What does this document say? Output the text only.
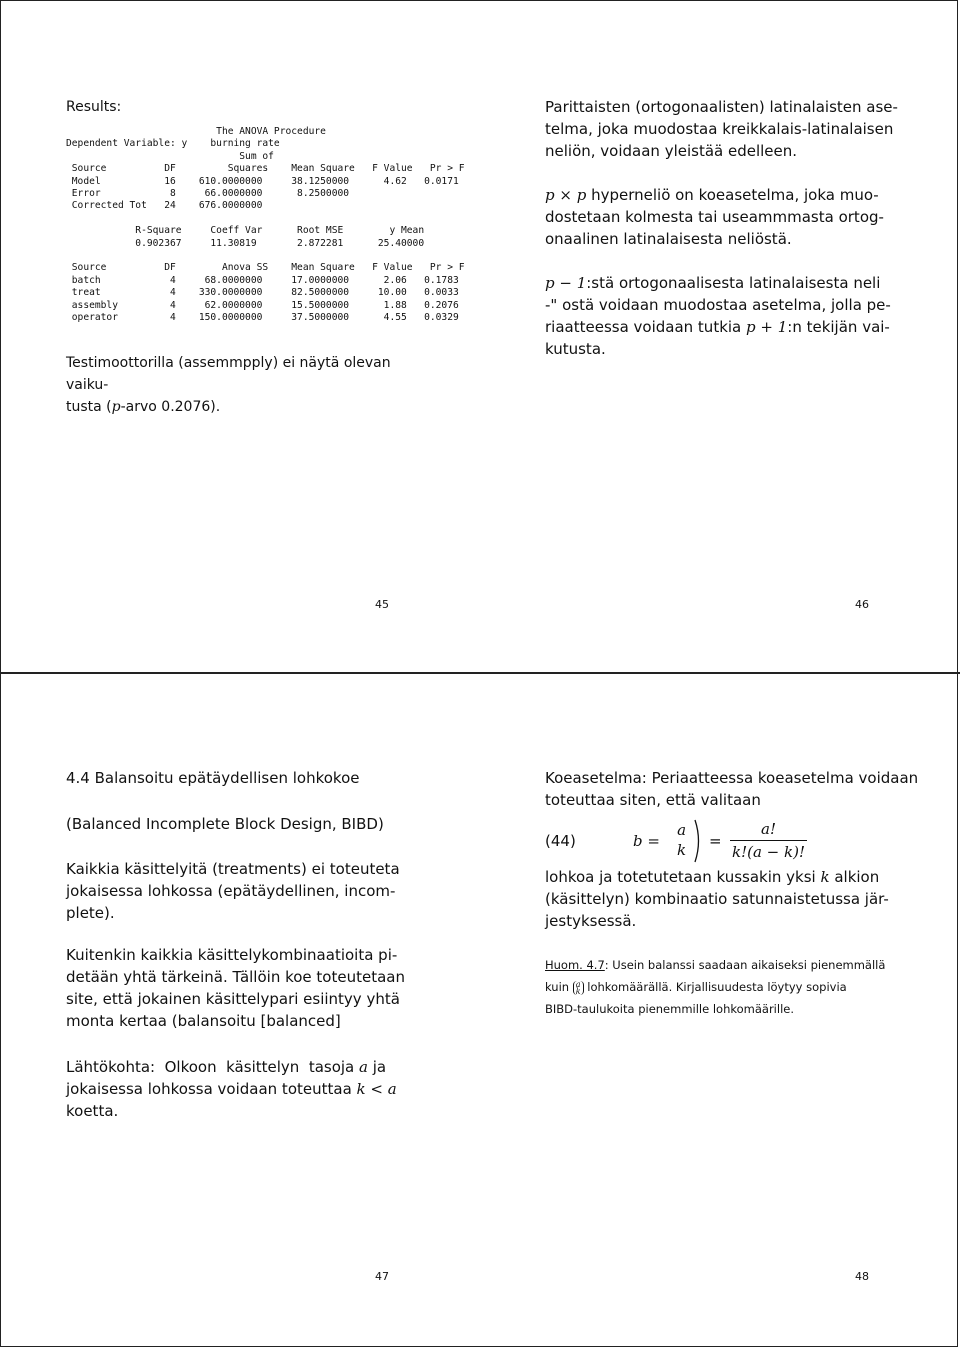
Results:
The ANOVA Procedure
Dependent Variable: y    burning rate
Sum of
Source          DF         Squares    Mean Square   F Value   Pr > F
Model           16    610.0000000     38.1250000      4.62   0.0171
Error            8     66.0000000      8.2500000
Corrected Tot   24    676.0000000

R-Square     Coeff Var      Root MSE        y Mean
0.902367     11.30819       2.872281      25.40000

Source          DF        Anova SS    Mean Square   F Value   Pr > F
batch            4     68.0000000     17.0000000      2.06   0.1783
treat            4    330.0000000     82.5000000     10.00   0.0033
assembly         4     62.0000000     15.5000000      1.88   0.2076
operator         4    150.0000000     37.5000000      4.55   0.0329
Testimoottorilla (assemmpply) ei näytä olevan vaiku-
tusta (p-arvo 0.2076).
45
Parittaisten (ortogonaalisten) latinalaisten ase-
telma, joka muodostaa kreikkalais-latinalaisen
neliön, voidaan yleistää edelleen.
p × p hyperneliö on koeasetelma, joka muo-
dostetaan kolmesta tai useammmasta ortog-
onaalinen latinalaisesta neliöstä.
p − 1:stä ortogonaalisesta latinalaisesta neli
-" ostä voidaan muodostaa asetelma, jolla pe-
riaatteessa voidaan tutkia p + 1:n tekijän vai-
kutusta.
46
4.4 Balansoitu epätäydellisen lohkokoe
(Balanced Incomplete Block Design, BIBD)
Kaikkia käsittelyitä (treatments) ei toteuteta
jokaisessa lohkossa (epätäydellinen, incom-
plete).
Kuitenkin kaikkia käsittelykombinaatioita pi-
detään yhtä tärkeinä. Tällöin koe toteutetaan
site, että jokainen käsittelypari esiintyy yhtä
monta kertaa (balansoitu [balanced]
Lähtökohta:  Olkoon  käsittelyn  tasoja a ja
jokaisessa lohkossa voidaan toteuttaa k < a
koetta.
47
Koeasetelma: Periaatteessa koeasetelma voidaan
toteuttaa siten, että valitaan
(44)	b =
a
$k = \frac{a!}{k!(a - k)!}$
lohkoa ja totetutetaan kussakin yksi k alkion
(käsittelyn) kombinaatio satunnaistetussa jär-
jestyksessä.
Huom. 4.7: Usein balanssi saadaan aikaiseksi pienemmällä
kuin a
k lohkomäärällä. Kirjallisuudesta löytyy sopivia
BIBD-taulukoita pienemmille lohkomäärille.
48
